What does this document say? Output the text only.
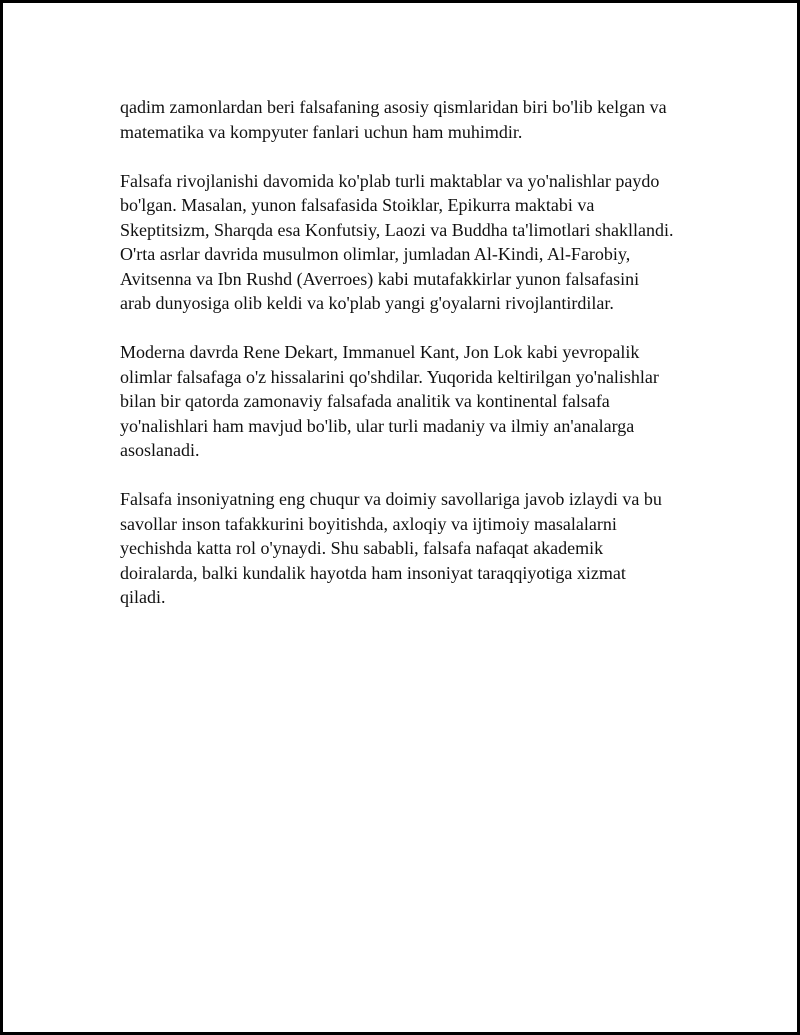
qadim zamonlardan beri falsafaning asosiy qismlaridan biri bo'lib kelgan va
matematika va kompyuter fanlari uchun ham muhimdir.

Falsafa rivojlanishi davomida ko'plab turli maktablar va yo'nalishlar paydo
bo'lgan. Masalan, yunon falsafasida Stoiklar, Epikurra maktabi va
Skeptitsizm, Sharqda esa Konfutsiy, Laozi va Buddha ta'limotlari shakllandi.
O'rta asrlar davrida musulmon olimlar, jumladan Al-Kindi, Al-Farobiy,
Avitsenna va Ibn Rushd (Averroes) kabi mutafakkirlar yunon falsafasini
arab dunyosiga olib keldi va ko'plab yangi g'oyalarni rivojlantirdilar.

Moderna davrda Rene Dekart, Immanuel Kant, Jon Lok kabi yevropalik
olimlar falsafaga o'z hissalarini qo'shdilar. Yuqorida keltirilgan yo'nalishlar
bilan bir qatorda zamonaviy falsafada analitik va kontinental falsafa
yo'nalishlari ham mavjud bo'lib, ular turli madaniy va ilmiy an'analarga
asoslanadi.

Falsafa insoniyatning eng chuqur va doimiy savollariga javob izlaydi va bu
savollar inson tafakkurini boyitishda, axloqiy va ijtimoiy masalalarni
yechishda katta rol o'ynaydi. Shu sababli, falsafa nafaqat akademik
doiralarda, balki kundalik hayotda ham insoniyat taraqqiyotiga xizmat
qiladi.
